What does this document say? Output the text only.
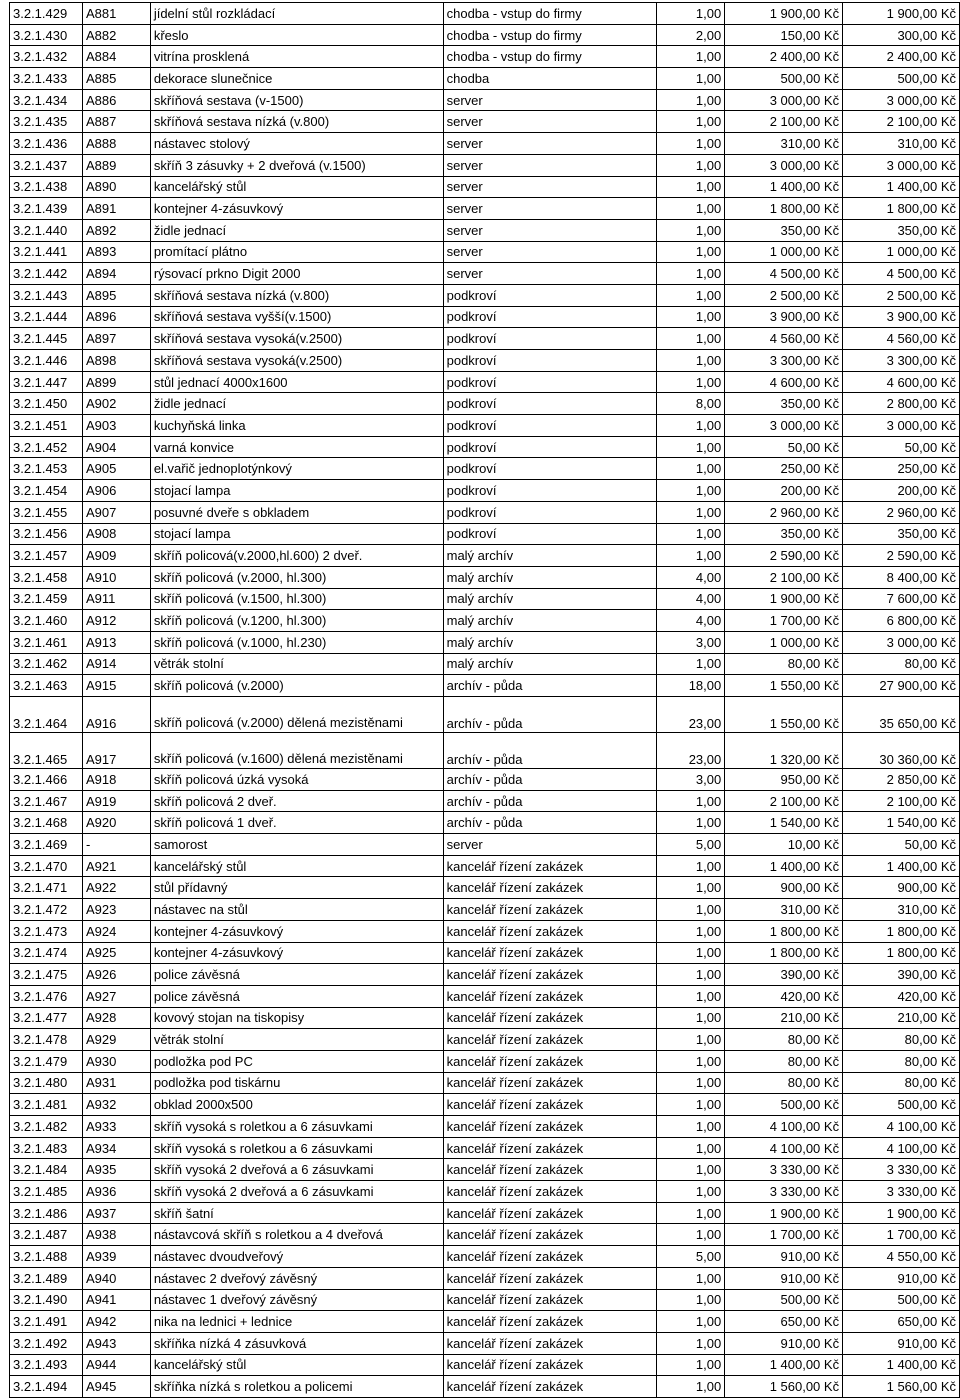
3.2.1.429	A881	jídelní stůl rozkládací	chodba - vstup do firmy	1,00	1 900,00 Kč	1 900,00 Kč
3.2.1.430	A882	křeslo	chodba - vstup do firmy	2,00	150,00 Kč	300,00 Kč
3.2.1.432	A884	vitrína prosklená	chodba - vstup do firmy	1,00	2 400,00 Kč	2 400,00 Kč
3.2.1.433	A885	dekorace slunečnice	chodba	1,00	500,00 Kč	500,00 Kč
3.2.1.434	A886	skříňová sestava (v-1500)	server	1,00	3 000,00 Kč	3 000,00 Kč
3.2.1.435	A887	skříňová sestava nízká (v.800)	server	1,00	2 100,00 Kč	2 100,00 Kč
3.2.1.436	A888	nástavec stolový	server	1,00	310,00 Kč	310,00 Kč
3.2.1.437	A889	skříň 3 zásuvky + 2 dveřová (v.1500)	server	1,00	3 000,00 Kč	3 000,00 Kč
3.2.1.438	A890	kancelářský stůl	server	1,00	1 400,00 Kč	1 400,00 Kč
3.2.1.439	A891	kontejner 4-zásuvkový	server	1,00	1 800,00 Kč	1 800,00 Kč
3.2.1.440	A892	židle jednací	server	1,00	350,00 Kč	350,00 Kč
3.2.1.441	A893	promítací plátno	server	1,00	1 000,00 Kč	1 000,00 Kč
3.2.1.442	A894	rýsovací prkno Digit 2000	server	1,00	4 500,00 Kč	4 500,00 Kč
3.2.1.443	A895	skříňová sestava nízká (v.800)	podkroví	1,00	2 500,00 Kč	2 500,00 Kč
3.2.1.444	A896	skříňová sestava vyšší(v.1500)	podkroví	1,00	3 900,00 Kč	3 900,00 Kč
3.2.1.445	A897	skříňová sestava vysoká(v.2500)	podkroví	1,00	4 560,00 Kč	4 560,00 Kč
3.2.1.446	A898	skříňová sestava vysoká(v.2500)	podkroví	1,00	3 300,00 Kč	3 300,00 Kč
3.2.1.447	A899	stůl jednací 4000x1600	podkroví	1,00	4 600,00 Kč	4 600,00 Kč
3.2.1.450	A902	židle jednací	podkroví	8,00	350,00 Kč	2 800,00 Kč
3.2.1.451	A903	kuchyňská linka	podkroví	1,00	3 000,00 Kč	3 000,00 Kč
3.2.1.452	A904	varná konvice	podkroví	1,00	50,00 Kč	50,00 Kč
3.2.1.453	A905	el.vařič jednoplotýnkový	podkroví	1,00	250,00 Kč	250,00 Kč
3.2.1.454	A906	stojací lampa	podkroví	1,00	200,00 Kč	200,00 Kč
3.2.1.455	A907	posuvné dveře s obkladem	podkroví	1,00	2 960,00 Kč	2 960,00 Kč
3.2.1.456	A908	stojací lampa	podkroví	1,00	350,00 Kč	350,00 Kč
3.2.1.457	A909	skříň policová(v.2000,hl.600) 2 dveř.	malý archív	1,00	2 590,00 Kč	2 590,00 Kč
3.2.1.458	A910	skříň policová (v.2000, hl.300)	malý archív	4,00	2 100,00 Kč	8 400,00 Kč
3.2.1.459	A911	skříň policová (v.1500, hl.300)	malý archív	4,00	1 900,00 Kč	7 600,00 Kč
3.2.1.460	A912	skříň policová (v.1200, hl.300)	malý archív	4,00	1 700,00 Kč	6 800,00 Kč
3.2.1.461	A913	skříň policová (v.1000, hl.230)	malý archív	3,00	1 000,00 Kč	3 000,00 Kč
3.2.1.462	A914	větrák stolní	malý archív	1,00	80,00 Kč	80,00 Kč
3.2.1.463	A915	skříň policová (v.2000)	archív - půda	18,00	1 550,00 Kč	27 900,00 Kč
3.2.1.464	A916	skříň policová (v.2000) dělená mezistěnami	archív - půda	23,00	1 550,00 Kč	35 650,00 Kč
3.2.1.465	A917	skříň policová (v.1600) dělená mezistěnami	archív - půda	23,00	1 320,00 Kč	30 360,00 Kč
3.2.1.466	A918	skříň policová úzká vysoká	archív - půda	3,00	950,00 Kč	2 850,00 Kč
3.2.1.467	A919	skříň policová 2 dveř.	archív - půda	1,00	2 100,00 Kč	2 100,00 Kč
3.2.1.468	A920	skříň policová 1 dveř.	archív - půda	1,00	1 540,00 Kč	1 540,00 Kč
3.2.1.469	-	samorost	server	5,00	10,00 Kč	50,00 Kč
3.2.1.470	A921	kancelářský stůl	kancelář řízení zakázek	1,00	1 400,00 Kč	1 400,00 Kč
3.2.1.471	A922	stůl přídavný	kancelář řízení zakázek	1,00	900,00 Kč	900,00 Kč
3.2.1.472	A923	nástavec na stůl	kancelář řízení zakázek	1,00	310,00 Kč	310,00 Kč
3.2.1.473	A924	kontejner 4-zásuvkový	kancelář řízení zakázek	1,00	1 800,00 Kč	1 800,00 Kč
3.2.1.474	A925	kontejner 4-zásuvkový	kancelář řízení zakázek	1,00	1 800,00 Kč	1 800,00 Kč
3.2.1.475	A926	police závěsná	kancelář řízení zakázek	1,00	390,00 Kč	390,00 Kč
3.2.1.476	A927	police závěsná	kancelář řízení zakázek	1,00	420,00 Kč	420,00 Kč
3.2.1.477	A928	kovový stojan na tiskopisy	kancelář řízení zakázek	1,00	210,00 Kč	210,00 Kč
3.2.1.478	A929	větrák stolní	kancelář řízení zakázek	1,00	80,00 Kč	80,00 Kč
3.2.1.479	A930	podložka pod PC	kancelář řízení zakázek	1,00	80,00 Kč	80,00 Kč
3.2.1.480	A931	podložka pod tiskárnu	kancelář řízení zakázek	1,00	80,00 Kč	80,00 Kč
3.2.1.481	A932	obklad 2000x500	kancelář řízení zakázek	1,00	500,00 Kč	500,00 Kč
3.2.1.482	A933	skříň vysoká s roletkou a 6 zásuvkami	kancelář řízení zakázek	1,00	4 100,00 Kč	4 100,00 Kč
3.2.1.483	A934	skříň vysoká s roletkou a 6 zásuvkami	kancelář řízení zakázek	1,00	4 100,00 Kč	4 100,00 Kč
3.2.1.484	A935	skříň vysoká 2 dveřová a 6 zásuvkami	kancelář řízení zakázek	1,00	3 330,00 Kč	3 330,00 Kč
3.2.1.485	A936	skříň vysoká 2 dveřová a 6 zásuvkami	kancelář řízení zakázek	1,00	3 330,00 Kč	3 330,00 Kč
3.2.1.486	A937	skříň šatní	kancelář řízení zakázek	1,00	1 900,00 Kč	1 900,00 Kč
3.2.1.487	A938	nástavcová skříň s roletkou a 4 dveřová	kancelář řízení zakázek	1,00	1 700,00 Kč	1 700,00 Kč
3.2.1.488	A939	nástavec dvoudveřový	kancelář řízení zakázek	5,00	910,00 Kč	4 550,00 Kč
3.2.1.489	A940	nástavec 2 dveřový závěsný	kancelář řízení zakázek	1,00	910,00 Kč	910,00 Kč
3.2.1.490	A941	nástavec 1 dveřový závěsný	kancelář řízení zakázek	1,00	500,00 Kč	500,00 Kč
3.2.1.491	A942	nika na lednici + lednice	kancelář řízení zakázek	1,00	650,00 Kč	650,00 Kč
3.2.1.492	A943	skříňka nízká 4 zásuvková	kancelář řízení zakázek	1,00	910,00 Kč	910,00 Kč
3.2.1.493	A944	kancelářský stůl	kancelář řízení zakázek	1,00	1 400,00 Kč	1 400,00 Kč
3.2.1.494	A945	skříňka nízká s roletkou a policemi	kancelář řízení zakázek	1,00	1 560,00 Kč	1 560,00 Kč
